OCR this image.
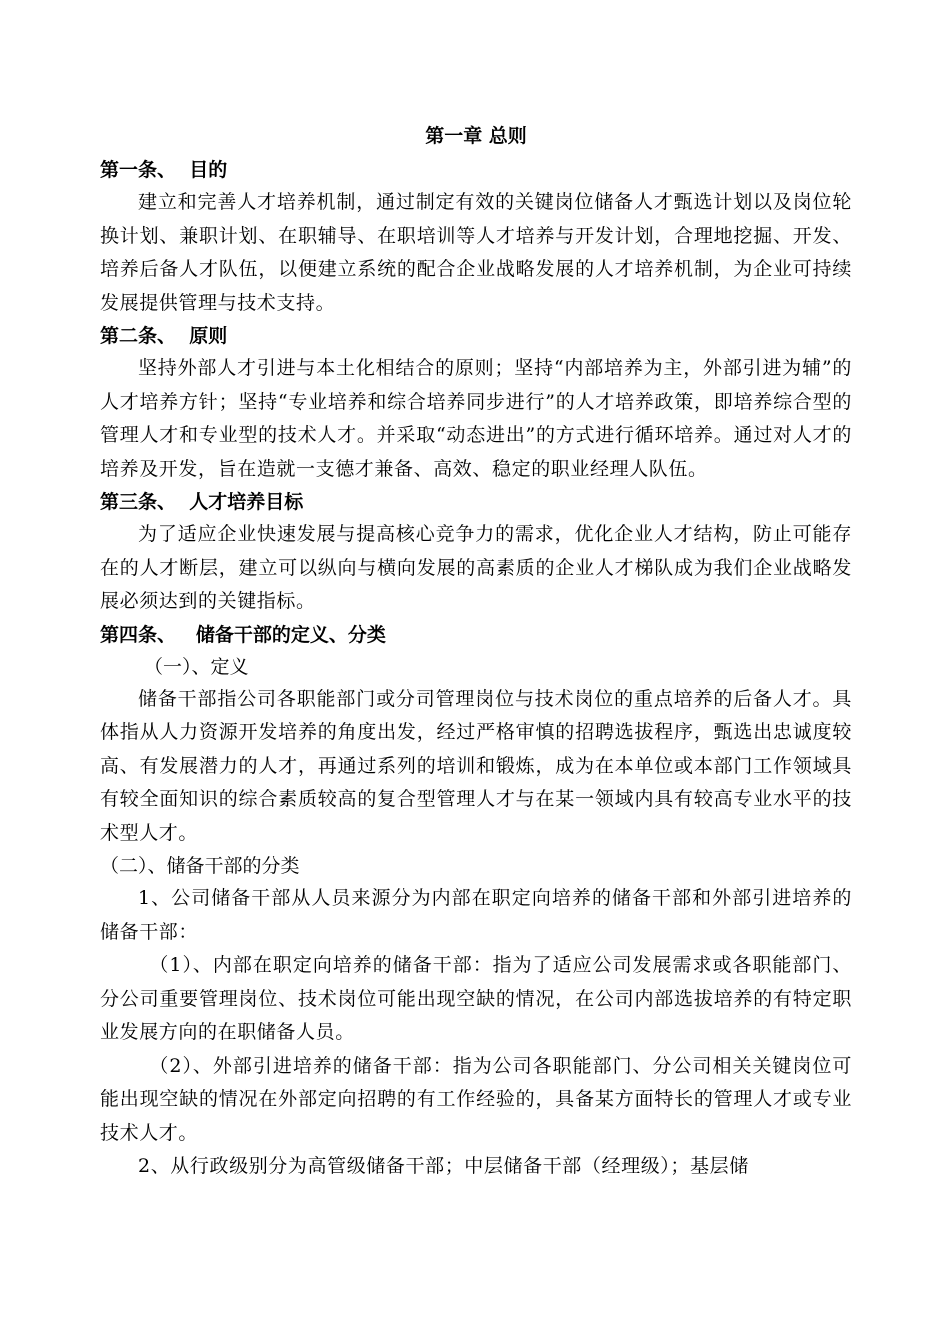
第一章 总则
第一条、  目的

建立和完善人才培养机制，通过制定有效的关键岗位储备人才甄选计划以及岗位轮换计划、兼职计划、在职辅导、在职培训等人才培养与开发计划，合理地挖掘、开发、培养后备人才队伍，以便建立系统的配合企业战略发展的人才培养机制，为企业可持续发展提供管理与技术支持。

第二条、  原则

坚持外部人才引进与本土化相结合的原则；坚持“内部培养为主，外部引进为辅”的人才培养方针；坚持“专业培养和综合培养同步进行”的人才培养政策，即培养综合型的管理人才和专业型的技术人才。并采取“动态进出”的方式进行循环培养。通过对人才的培养及开发，旨在造就一支德才兼备、高效、稳定的职业经理人队伍。

第三条、  人才培养目标

为了适应企业快速发展与提高核心竞争力的需求，优化企业人才结构，防止可能存在的人才断层，建立可以纵向与横向发展的高素质的企业人才梯队成为我们企业战略发展必须达到的关键指标。

第四条、   储备干部的定义、分类
（一）、定义

储备干部指公司各职能部门或分司管理岗位与技术岗位的重点培养的后备人才。具体指从人力资源开发培养的角度出发，经过严格审慎的招聘选拔程序，甄选出忠诚度较高、有发展潜力的人才，再通过系列的培训和锻炼，成为在本单位或本部门工作领域具有较全面知识的综合素质较高的复合型管理人才与在某一领域内具有较高专业水平的技术型人才。

（二）、储备干部的分类

1、公司储备干部从人员来源分为内部在职定向培养的储备干部和外部引进培养的储备干部：

（1）、内部在职定向培养的储备干部：指为了适应公司发展需求或各职能部门、分公司重要管理岗位、技术岗位可能出现空缺的情况，在公司内部选拔培养的有特定职业发展方向的在职储备人员。

（2）、外部引进培养的储备干部：指为公司各职能部门、分公司相关关键岗位可能出现空缺的情况在外部定向招聘的有工作经验的，具备某方面特长的管理人才或专业技术人才。

2、从行政级别分为高管级储备干部；中层储备干部（经理级）；基层储
